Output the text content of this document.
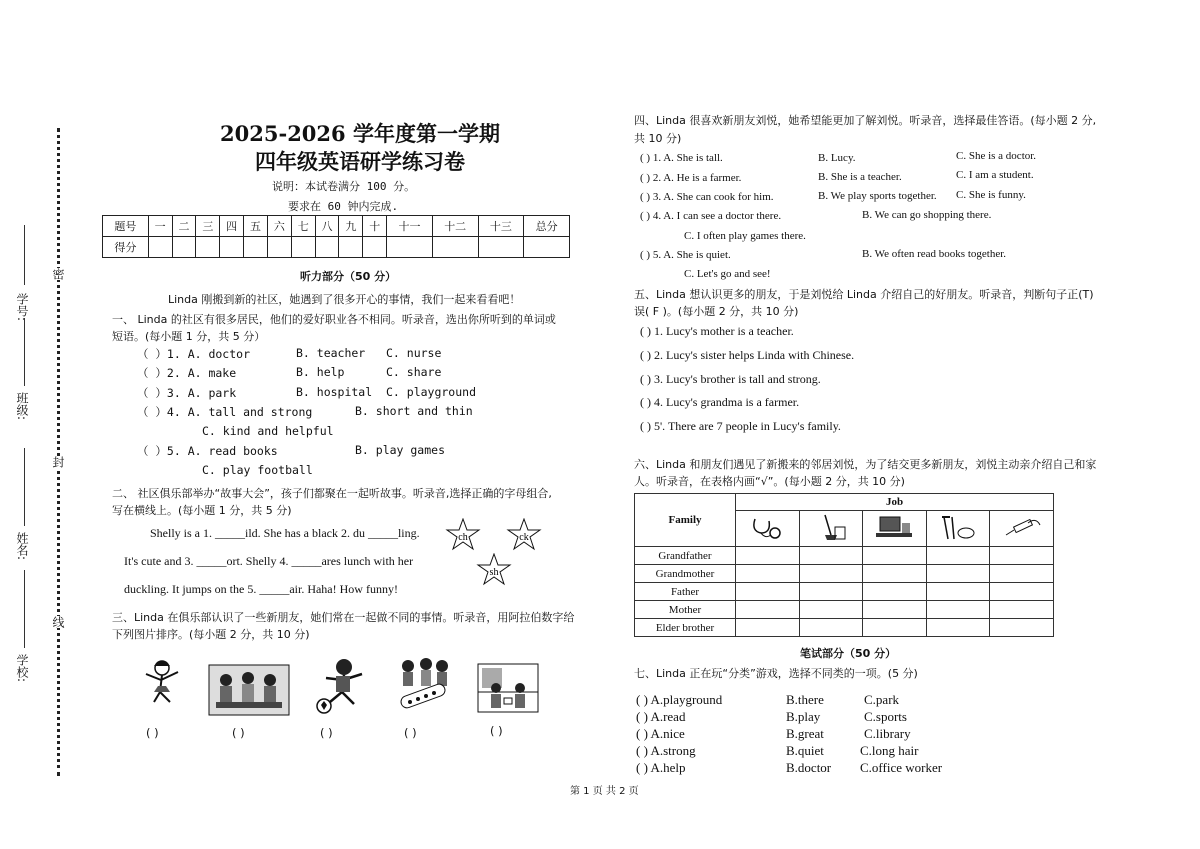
学号:
班级:
姓名:
学校:
密
封
线
2025-2026 学年度第一学期
四年级英语研学练习卷
说明：本试卷满分 100 分。
要求在 60 钟内完成.
题号	一	二	三	四	五	六	七	八	九	十	十一	十二	十三	总分
得分														
听力部分（50 分）
Linda 刚搬到新的社区，她遇到了很多开心的事情，我们一起来看看吧！
一、 Linda 的社区有很多居民，他们的爱好职业各不相同。听录音，选出你所听到的单词或
短语。(每小题 1 分，共 5 分）
（ ）1. A. doctor	B. teacher C. nurse
（ ）2. A. make	B. help	C. share
（ ）3. A. park	B. hospital C. playground
（ ）4. A. tall and strong	B. short and thin
C. kind and helpful
（ ）5. A. read books	B. play games
C. play football
二、 社区俱乐部举办“故事大会”，孩子们都聚在一起听故事。听录音,选择正确的字母组合,
写在横线上。(每小题 1 分，共 5 分)
Shelly is a 1. _____ild. She has a black 2. du _____ling.
It's cute and 3. _____ort. Shelly 4. _____ares lunch with her
duckling. It jumps on the 5. _____air. Haha! How funny!
ch	ck
sh
三、Linda 在俱乐部认识了一些新朋友，她们常在一起做不同的事情。听录音，用阿拉伯数字给
下列图片排序。(每小题 2 分，共 10 分)
( )	( )	( )	( )	( )
四、Linda 很喜欢新朋友刘悦，她希望能更加了解刘悦。听录音，选择最佳答语。(每小题 2 分,
共 10 分)
( ) 1. A. She is tall.	B. Lucy.	C. She is a doctor.
( ) 2. A. He is a farmer.	B. She is a teacher.	C. I am a student.
( ) 3. A. She can cook for him.	B. We play sports together. C. She is funny.
( ) 4. A. I can see a doctor there.	B. We can go shopping there.
C. I often play games there.
( ) 5. A. She is quiet.	B. We often read books together.
C. Let's go and see!
五、Linda 想认识更多的朋友，于是刘悦给 Linda 介绍自己的好朋友。听录音，判断句子正(T)
误( F )。(每小题 2 分，共 10 分)
( ) 1. Lucy's mother is a teacher.
( ) 2. Lucy's sister helps Linda with Chinese.
( ) 3. Lucy's brother is tall and strong.
( ) 4. Lucy's grandma is a farmer.
( ) 5'. There are 7 people in Lucy's family.
六、Linda 和朋友们遇见了新搬来的邻居刘悦，为了结交更多新朋友，刘悦主动亲介绍自己和家
人。听录音，在表格内画“√”。(每小题 2 分，共 10 分)
Family	Job				

Grandfather					
Grandmother					
Father					
Mother					
Elder brother					
笔试部分（50 分）
七、Linda 正在玩“分类”游戏，选择不同类的一项。(5 分)
( ) A.playground	B.there	C.park
( ) A.read	B.play	C.sports
( ) A.nice	B.great	C.library
( ) A.strong	B.quiet	C.long hair
( ) A.help	B.doctor C.office worker
第 1 页 共 2 页
